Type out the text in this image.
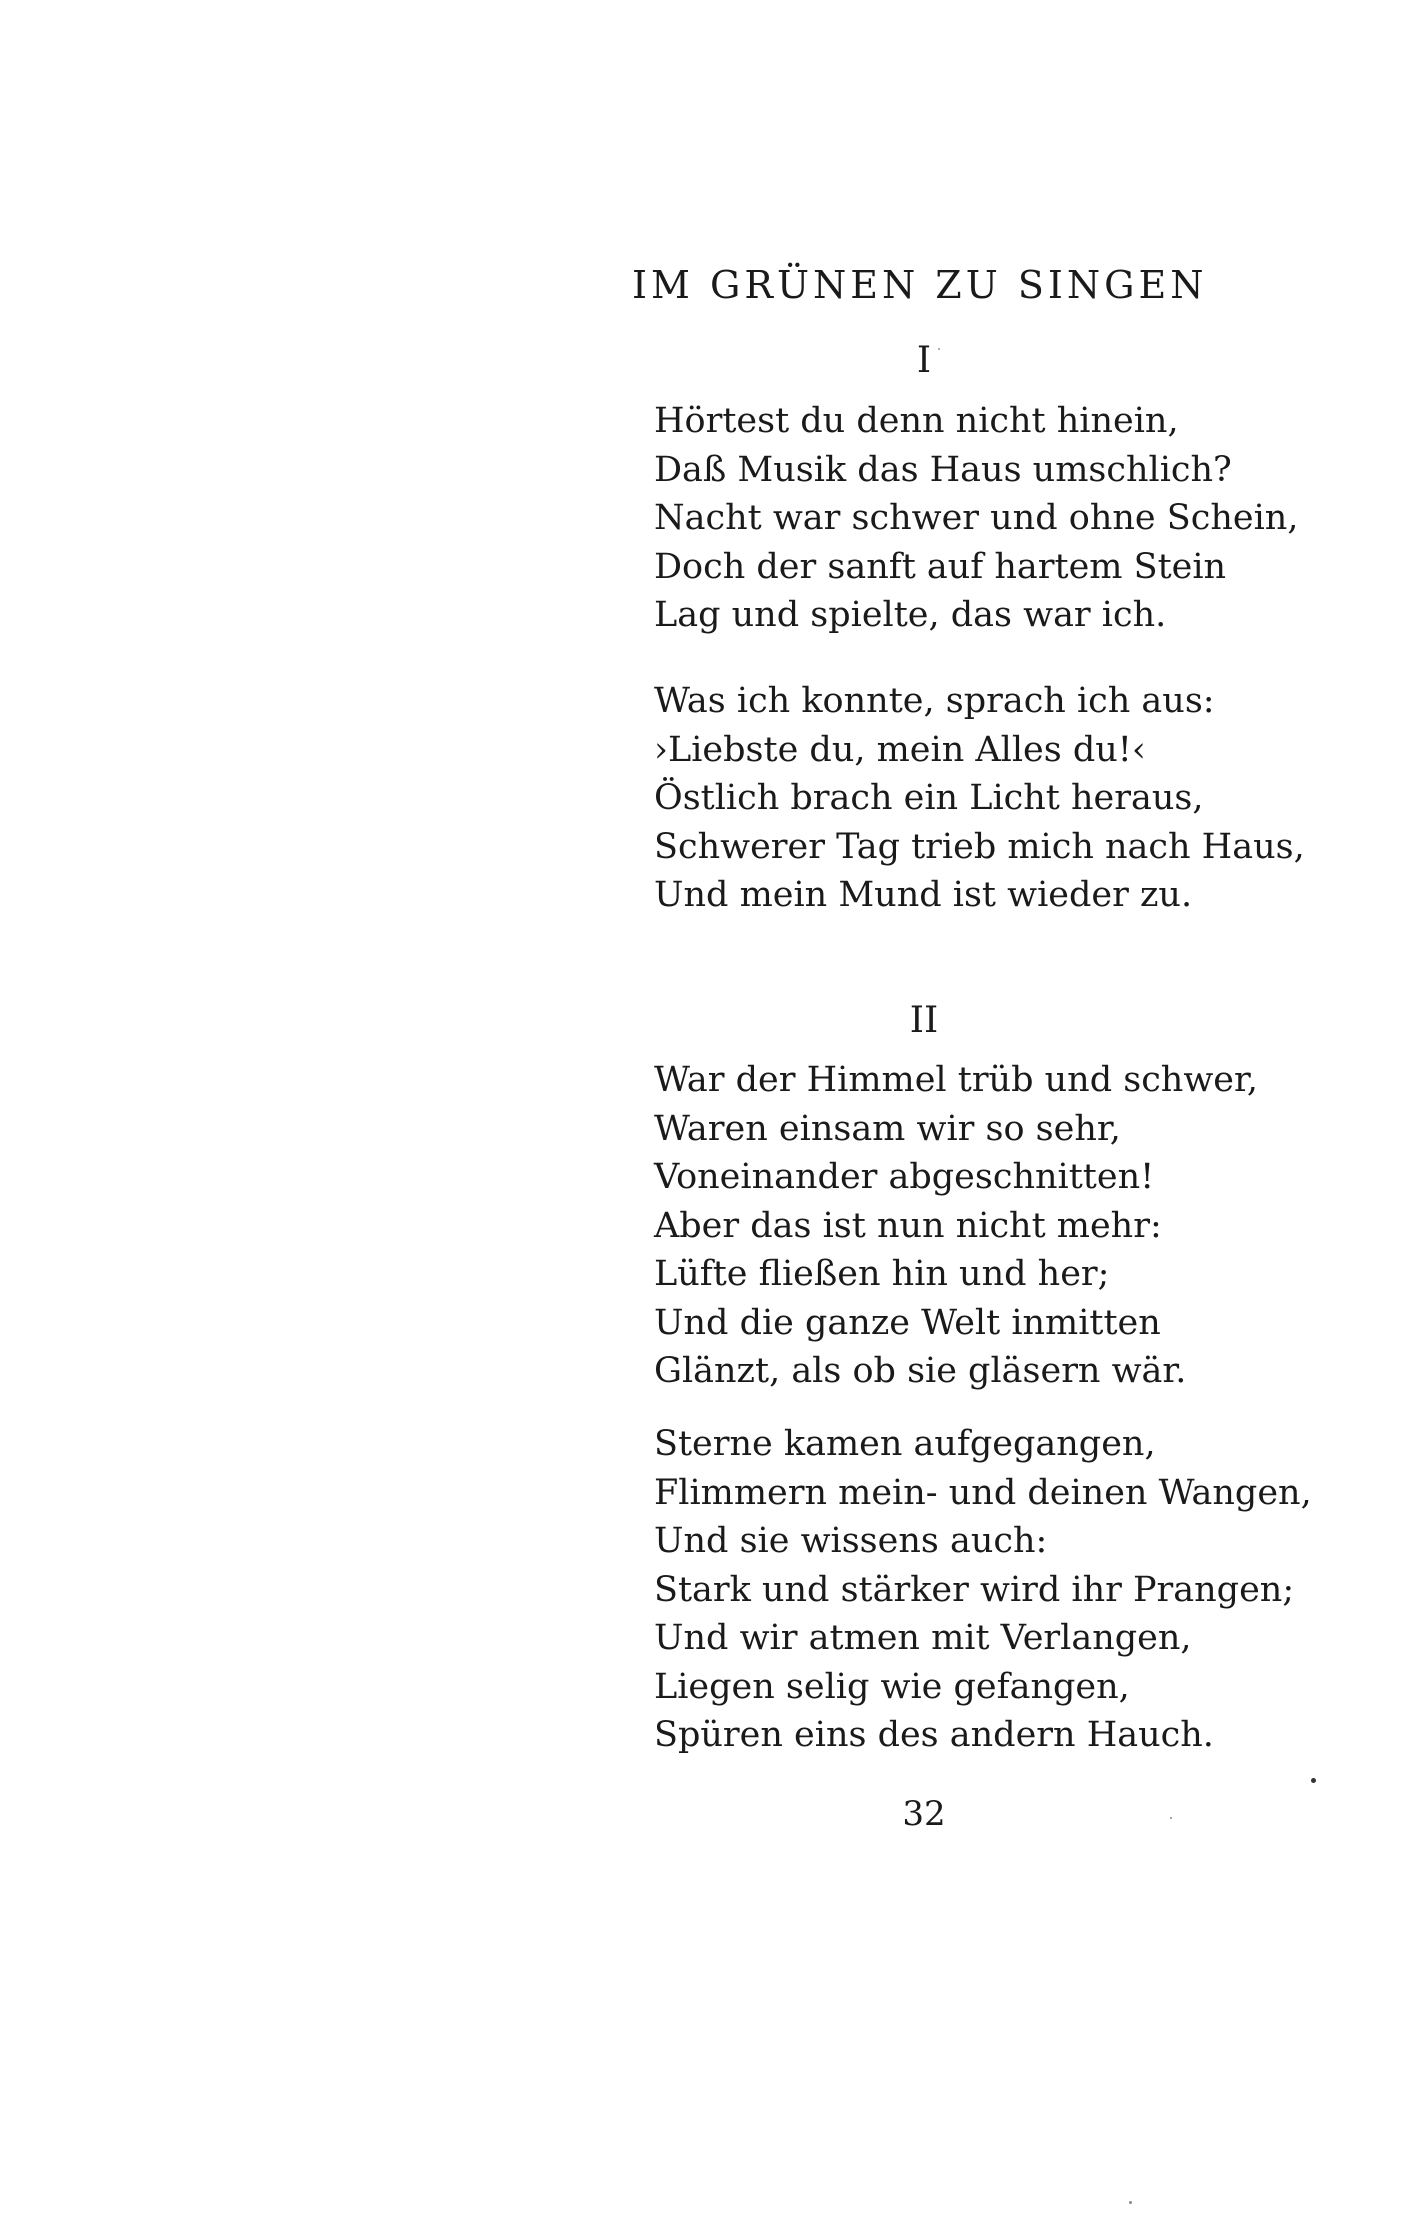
IM GRÜNEN ZU SINGEN
I
Hörtest du denn nicht hinein,
Daß Musik das Haus umschlich?
Nacht war schwer und ohne Schein,
Doch der sanft auf hartem Stein
Lag und spielte, das war ich.
Was ich konnte, sprach ich aus:
›Liebste du, mein Alles du!‹
Östlich brach ein Licht heraus,
Schwerer Tag trieb mich nach Haus,
Und mein Mund ist wieder zu.
II
War der Himmel trüb und schwer,
Waren einsam wir so sehr,
Voneinander abgeschnitten!
Aber das ist nun nicht mehr:
Lüfte fließen hin und her;
Und die ganze Welt inmitten
Glänzt, als ob sie gläsern wär.
Sterne kamen aufgegangen,
Flimmern mein- und deinen Wangen,
Und sie wissens auch:
Stark und stärker wird ihr Prangen;
Und wir atmen mit Verlangen,
Liegen selig wie gefangen,
Spüren eins des andern Hauch.
32
